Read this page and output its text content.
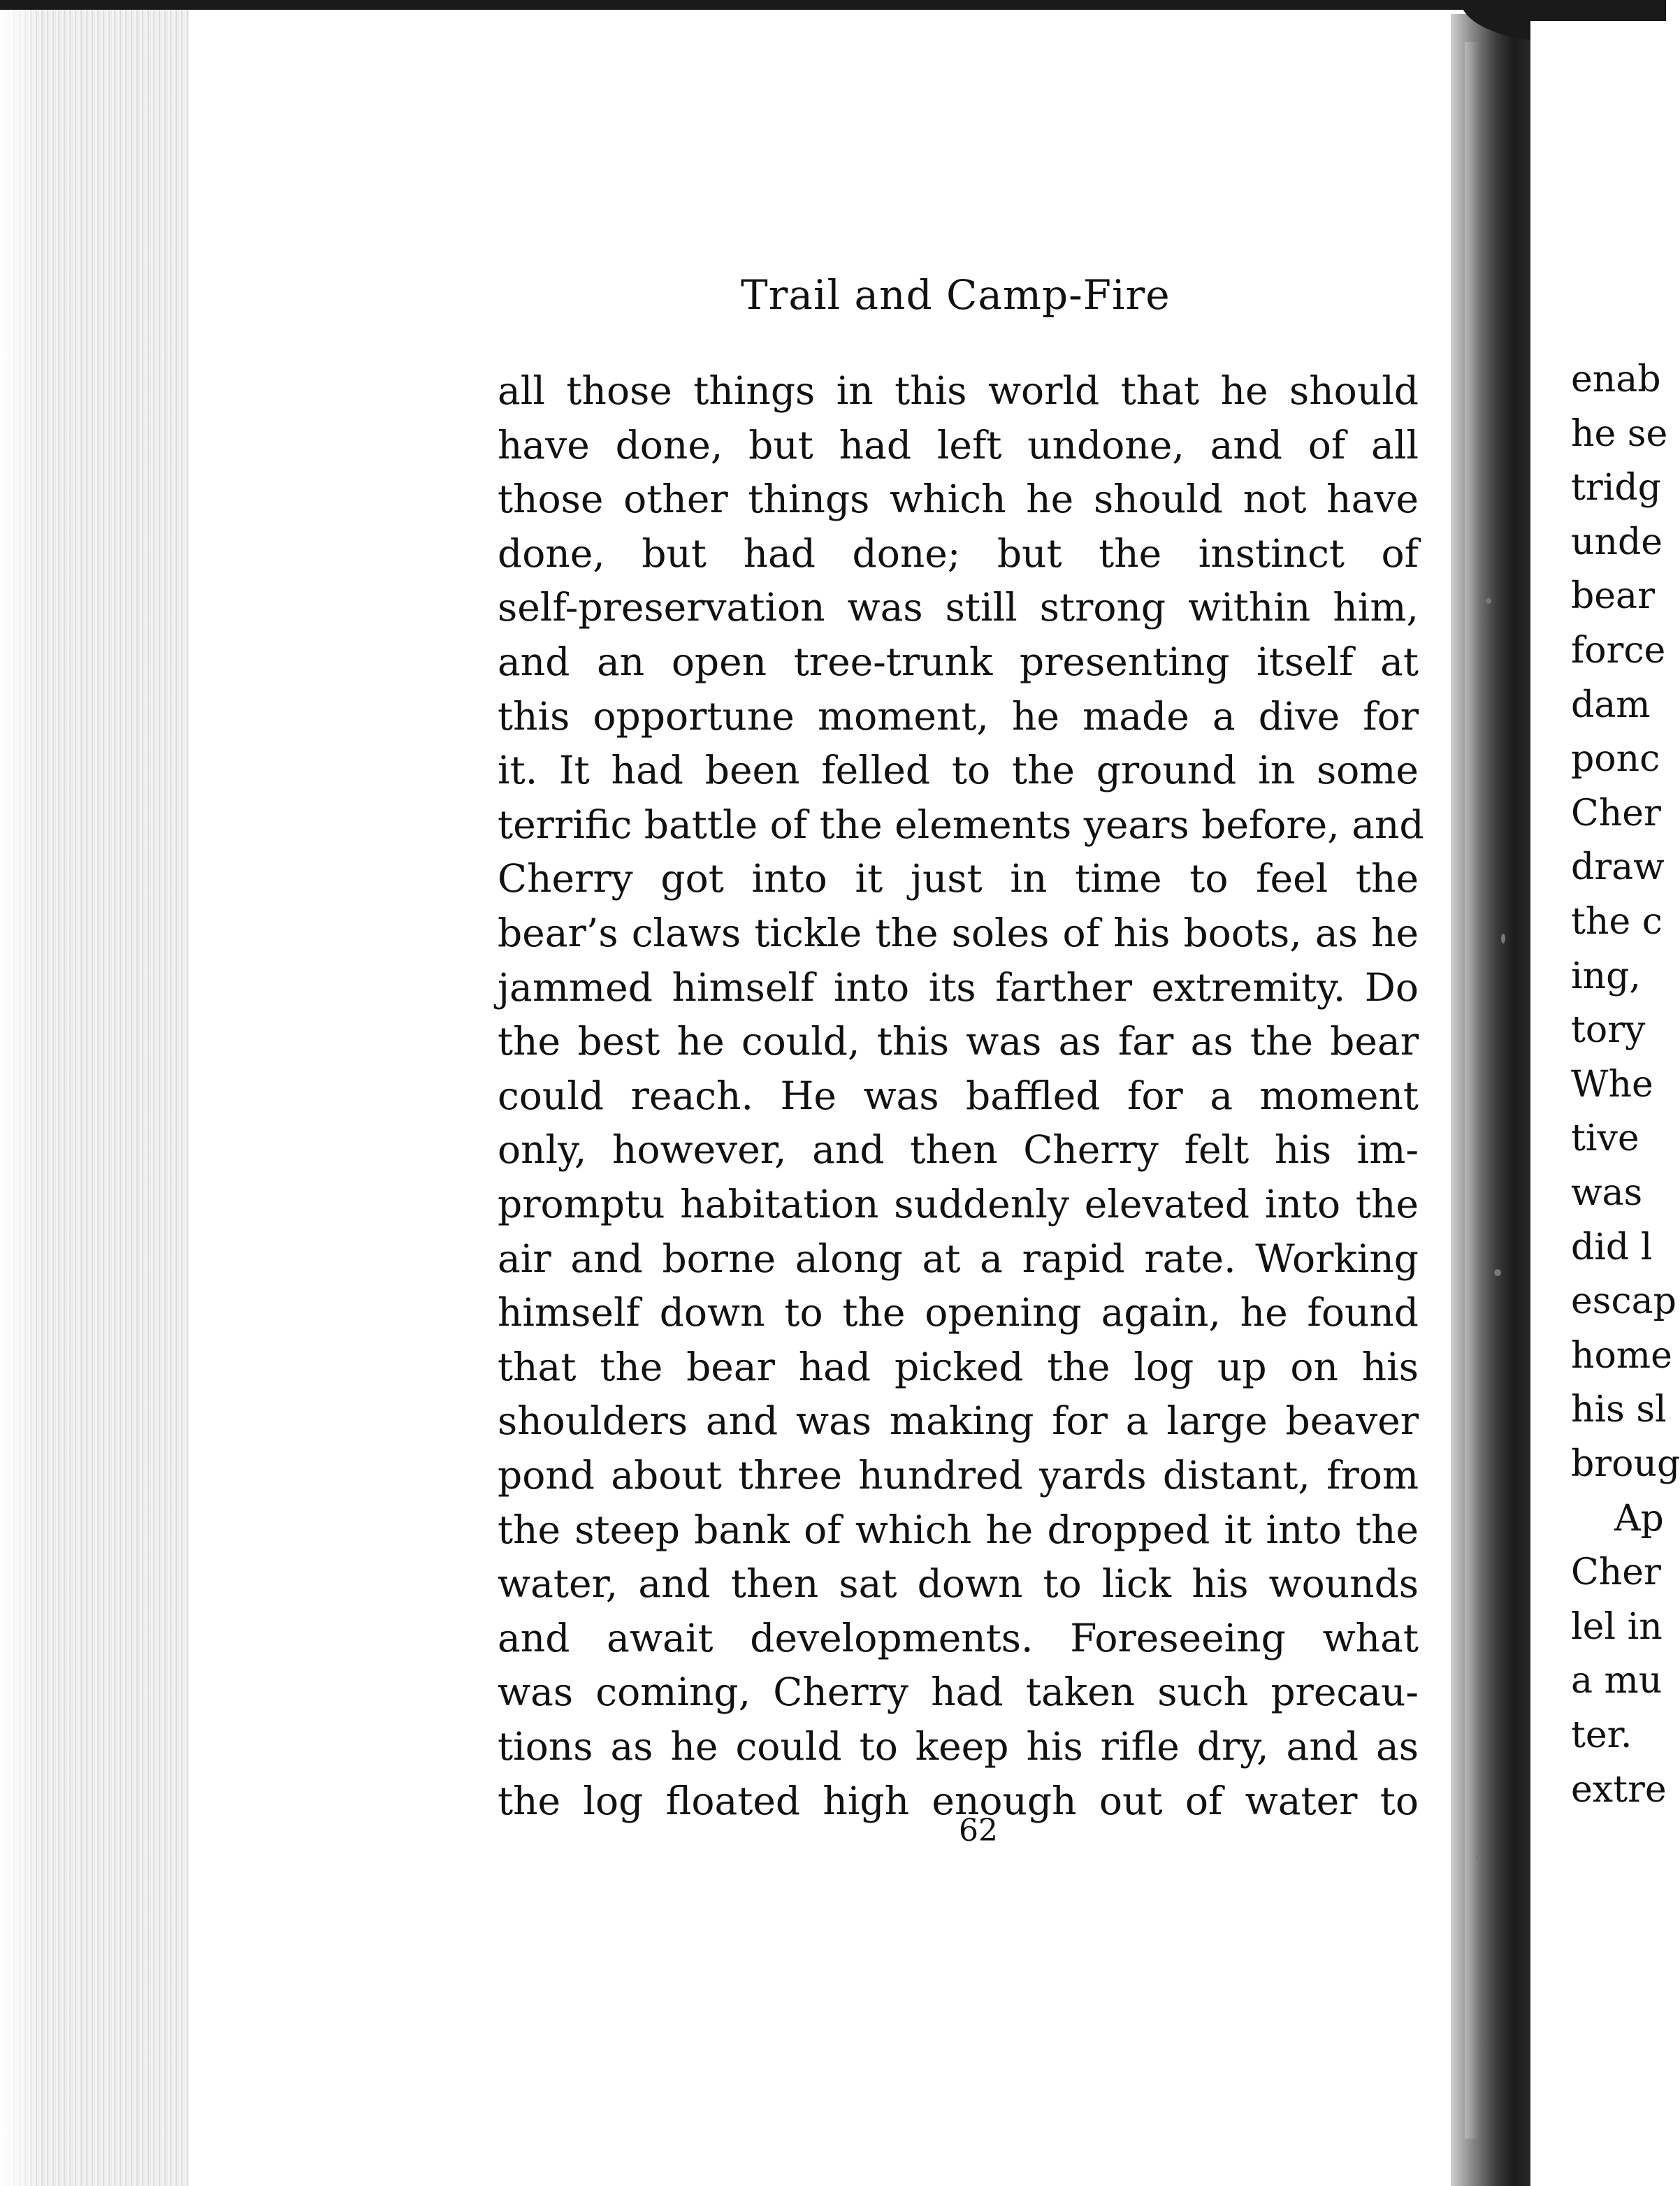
Trail and Camp-Fire
all those things in this world that he should
have done, but had left undone, and of all
those other things which he should not have
done, but had done; but the instinct of
self-preservation was still strong within him,
and an open tree-trunk presenting itself at
this opportune moment, he made a dive for
it. It had been felled to the ground in some
terrific battle of the elements years before, and
Cherry got into it just in time to feel the
bear’s claws tickle the soles of his boots, as he
jammed himself into its farther extremity. Do
the best he could, this was as far as the bear
could reach. He was baffled for a moment
only, however, and then Cherry felt his im-
promptu habitation suddenly elevated into the
air and borne along at a rapid rate. Working
himself down to the opening again, he found
that the bear had picked the log up on his
shoulders and was making for a large beaver
pond about three hundred yards distant, from
the steep bank of which he dropped it into the
water, and then sat down to lick his wounds
and await developments. Foreseeing what
was coming, Cherry had taken such precau-
tions as he could to keep his rifle dry, and as
the log floated high enough out of water to
62
enab
he se
tridg
unde
bear
force
dam
ponc
Cher
draw
the c
ing,
tory
Whe
tive
was
did l
escap
home
his sl
broug
Ap
Cher
lel in
a mu
ter.
extre
